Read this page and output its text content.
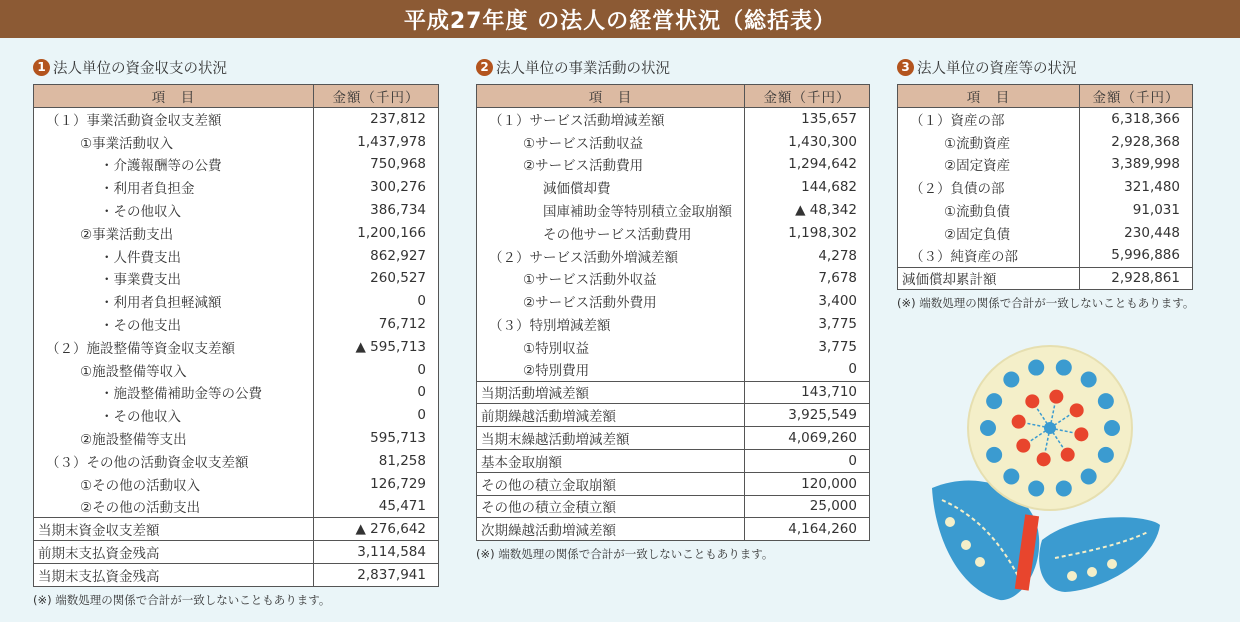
平成27年度 の法人の経営状況（総括表）
1 法人単位の資金収支の状況
項　目	金額（千円）
（１）事業活動資金収支差額	237,812
①事業活動収入	1,437,978
・介護報酬等の公費	750,968
・利用者負担金	300,276
・その他収入	386,734
②事業活動支出	1,200,166
・人件費支出	862,927
・事業費支出	260,527
・利用者負担軽減額	0
・その他支出	76,712
（２）施設整備等資金収支差額	▲ 595,713
①施設整備等収入	0
・施設整備補助金等の公費	0
・その他収入	0
②施設整備等支出	595,713
（３）その他の活動資金収支差額	81,258
①その他の活動収入	126,729
②その他の活動支出	45,471
当期末資金収支差額	▲ 276,642
前期末支払資金残高	3,114,584
当期末支払資金残高	2,837,941
(※) 端数処理の関係で合計が一致しないこともあります。
2 法人単位の事業活動の状況
項　目	金額（千円）
（１）サービス活動増減差額	135,657
①サービス活動収益	1,430,300
②サービス活動費用	1,294,642
減価償却費	144,682
国庫補助金等特別積立金取崩額	▲ 48,342
その他サービス活動費用	1,198,302
（２）サービス活動外増減差額	4,278
①サービス活動外収益	7,678
②サービス活動外費用	3,400
（３）特別増減差額	3,775
①特別収益	3,775
②特別費用	0
当期活動増減差額	143,710
前期繰越活動増減差額	3,925,549
当期末繰越活動増減差額	4,069,260
基本金取崩額	0
その他の積立金取崩額	120,000
その他の積立金積立額	25,000
次期繰越活動増減差額	4,164,260
(※) 端数処理の関係で合計が一致しないこともあります。
3 法人単位の資産等の状況
項　目	金額（千円）
（１）資産の部	6,318,366
①流動資産	2,928,368
②固定資産	3,389,998
（２）負債の部	321,480
①流動負債	91,031
②固定負債	230,448
（３）純資産の部	5,996,886
減価償却累計額	2,928,861
(※) 端数処理の関係で合計が一致しないこともあります。
